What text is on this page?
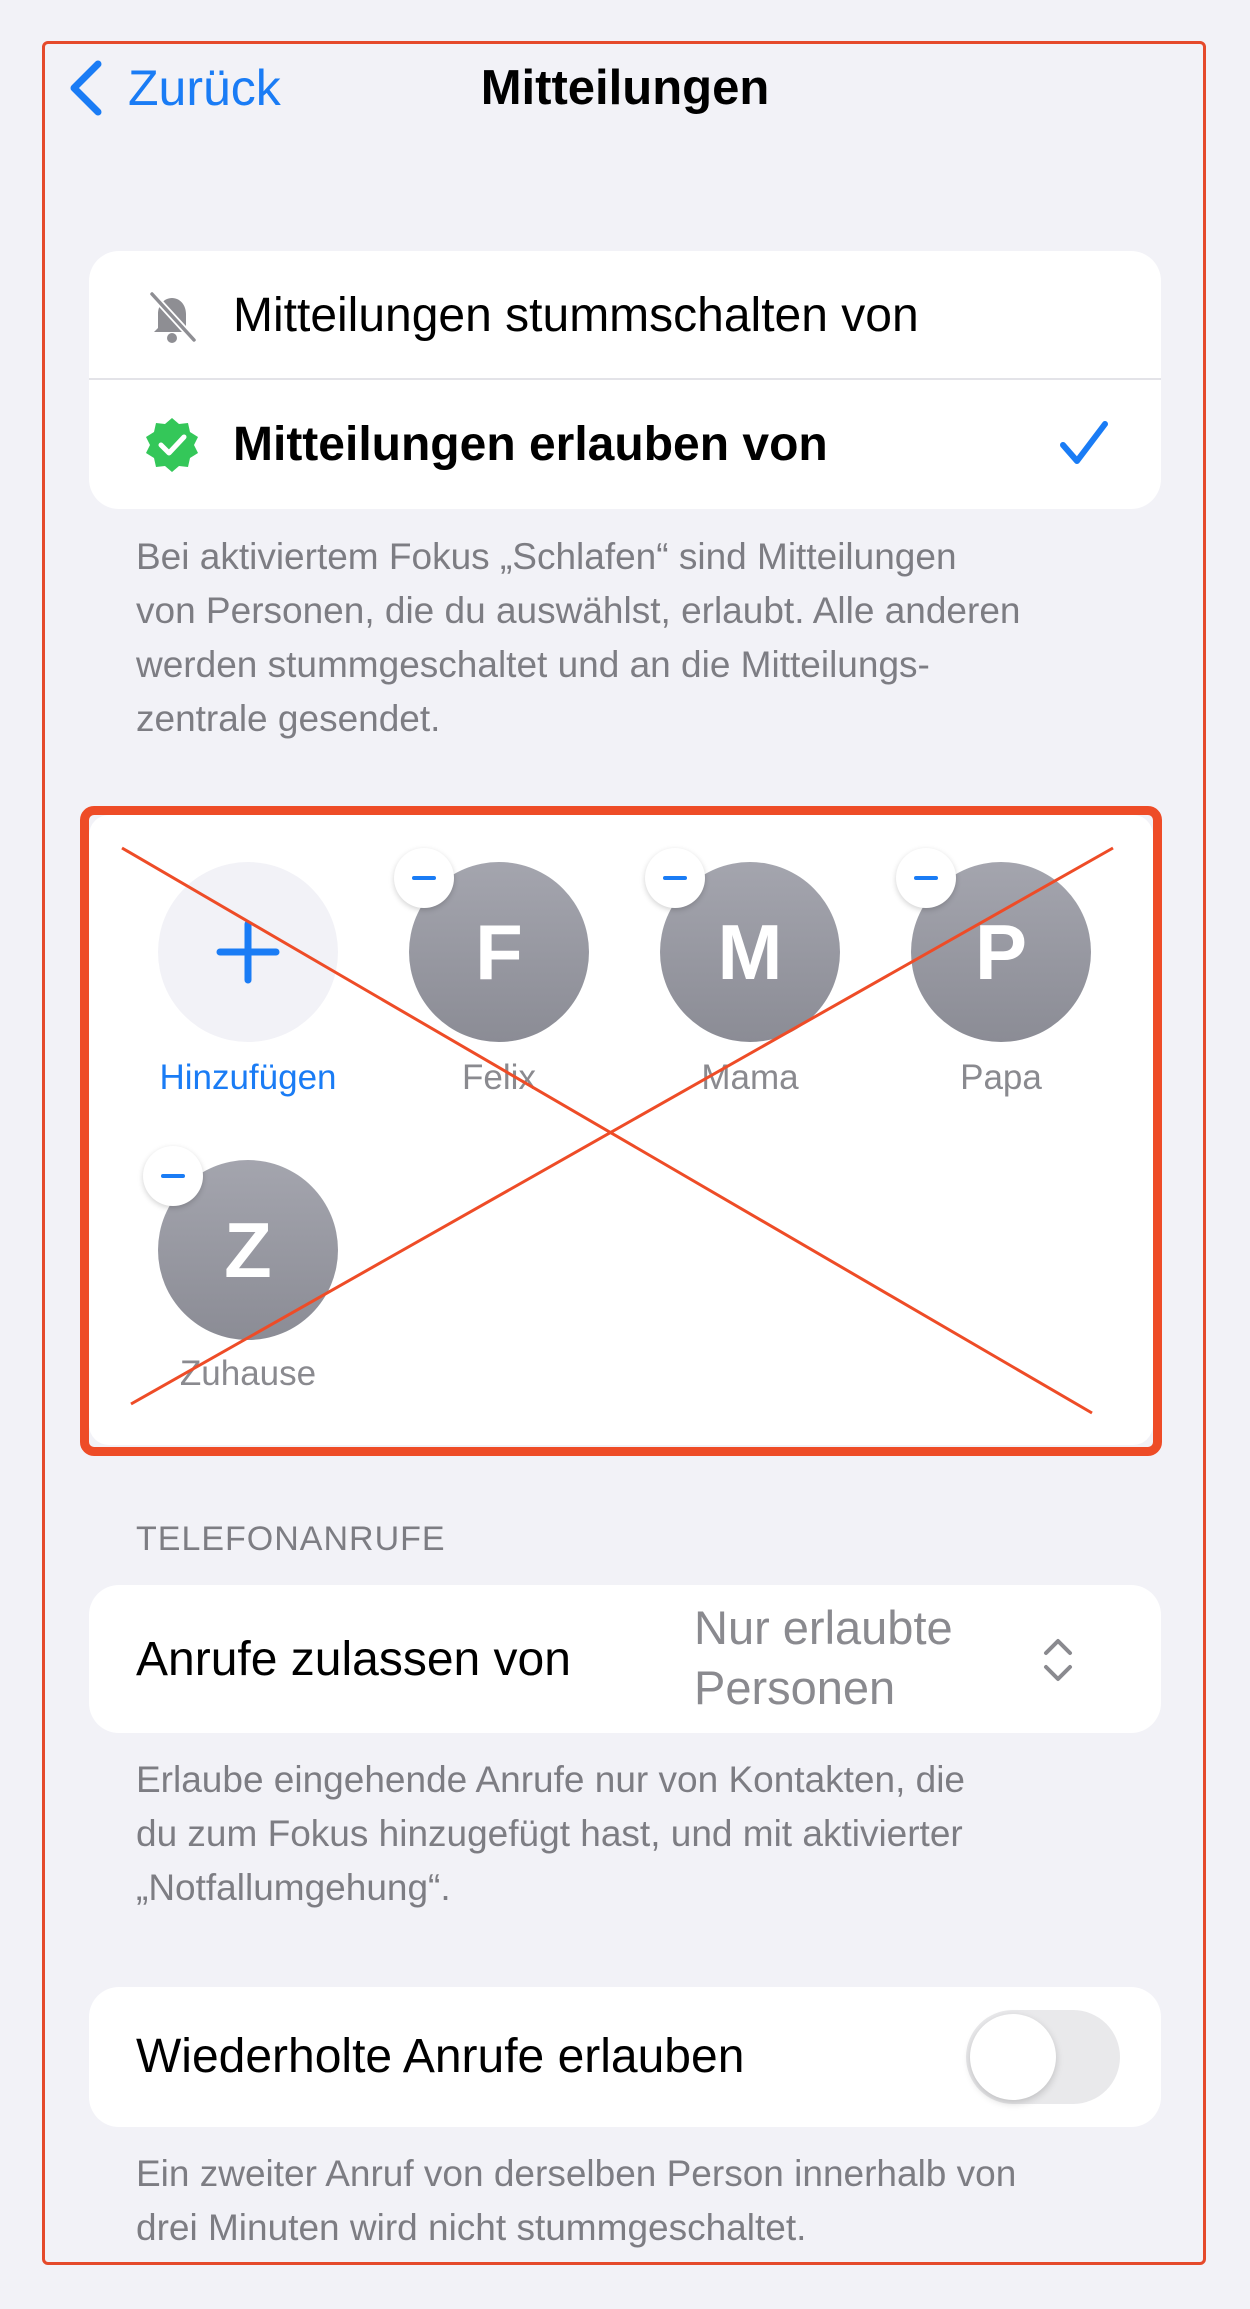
Zurück	Mitteilungen
Mitteilungen stummschalten von
Mitteilungen erlauben von
Bei aktiviertem Fokus „Schlafen“ sind Mitteilungen
von Personen, die du auswählst, erlaubt. Alle anderen
werden stummgeschaltet und an die Mitteilungs-
zentrale gesendet.
Hinzufügen
F
Felix
M
Mama
P
Papa
Z
Zuhause
TELEFONANRUFE
Anrufe zulassen von
Nur erlaubte
Personen
Erlaube eingehende Anrufe nur von Kontakten, die
du zum Fokus hinzugefügt hast, und mit aktivierter
„Notfallumgehung“.
Wiederholte Anrufe erlauben
Ein zweiter Anruf von derselben Person innerhalb von
drei Minuten wird nicht stummgeschaltet.
